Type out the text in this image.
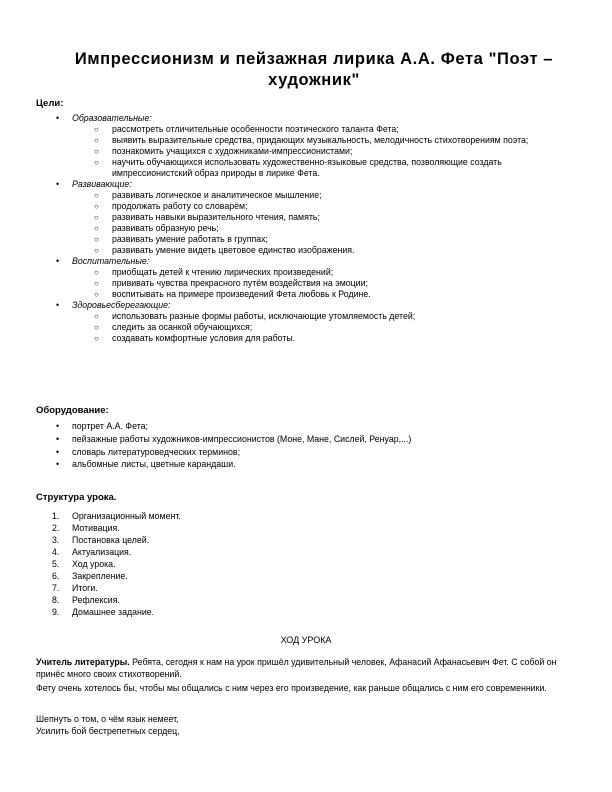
Импрессионизм и пейзажная лирика А.А. Фета "Поэт – художник"

Цели:

• Образовательные:
○ рассмотреть отличительные особенности поэтического таланта Фета;
○ выявить выразительные средства, придающих музыкальность, мелодичность стихотворениям поэта;
○ познакомить учащихся с художниками-импрессионистами;
○ научить обучающихся использовать художественно-языковые средства, позволяющие создать импрессионистский образ природы в лирике Фета.
• Развивающие:
○ развивать логическое и аналитическое мышление;
○ продолжать работу со словарём;
○ развивать навыки выразительного чтения, память;
○ развивать образную речь;
○ развивать умение работать в группах;
○ развивать умение видеть цветовое единство изображения.
• Воспитательные:
○ приобщать детей к чтению лирических произведений;
○ прививать чувства прекрасного путём воздействия на эмоции;
○ воспитывать на примере произведений Фета любовь к Родине.
• Здоровьесберегающие:
○ использовать разные формы работы, исключающие утомляемость детей;
○ следить за осанкой обучающихся;
○ создавать комфортные условия для работы.

Оборудование:

• портрет А.А. Фета;
• пейзажные работы художников-импрессионистов (Моне, Мане, Сислей, Ренуар,...)
• словарь литературоведческих терминов;
• альбомные листы, цветные карандаши.

Структура урока.

1. Организационный момент.
2. Мотивация.
3. Постановка целей.
4. Актуализация.
5. Ход урока.
6. Закрепление.
7. Итоги.
8. Рефлексия.
9. Домашнее задание.

ХОД УРОКА

Учитель литературы. Ребята, сегодня к нам на урок пришёл удивительный человек, Афанасий Афанасьевич Фет. С собой он принёс много своих стихотворений.

Фету очень хотелось бы, чтобы мы общались с ним через его произведение, как раньше общались с ним его современники.

Шепнуть о том, о чём язык немеет,

Усилить бой бестрепетных сердец,
